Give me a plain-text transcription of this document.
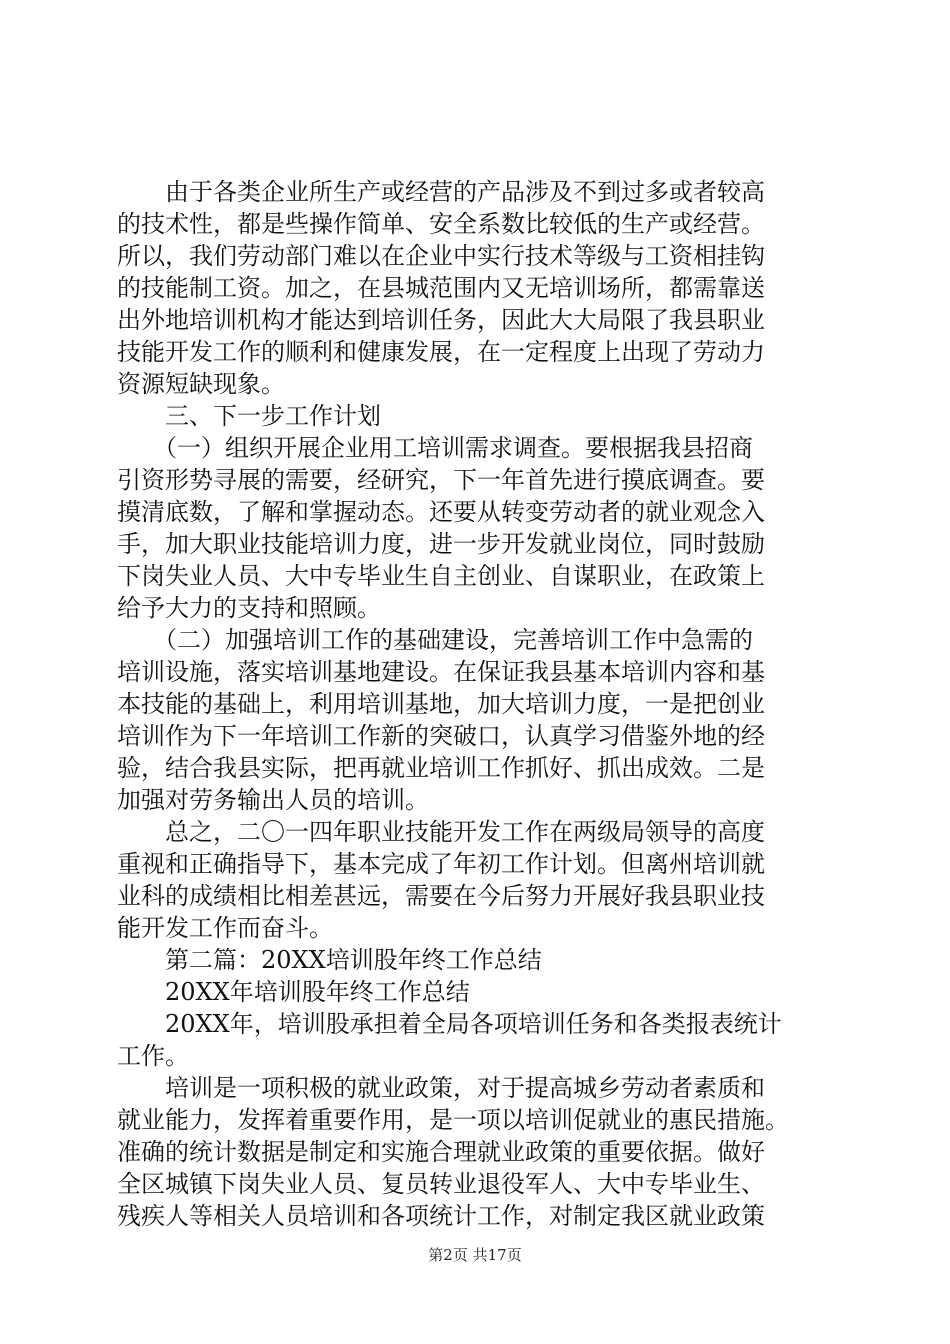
　　由于各类企业所生产或经营的产品涉及不到过多或者较高
的技术性，都是些操作简单、安全系数比较低的生产或经营。
所以，我们劳动部门难以在企业中实行技术等级与工资相挂钩
的技能制工资。加之，在县城范围内又无培训场所，都需靠送
出外地培训机构才能达到培训任务，因此大大局限了我县职业
技能开发工作的顺利和健康发展，在一定程度上出现了劳动力
资源短缺现象。
　　三、下一步工作计划
　　（一）组织开展企业用工培训需求调查。要根据我县招商
引资形势寻展的需要，经研究，下一年首先进行摸底调查。要
摸清底数，了解和掌握动态。还要从转变劳动者的就业观念入
手，加大职业技能培训力度，进一步开发就业岗位，同时鼓励
下岗失业人员、大中专毕业生自主创业、自谋职业，在政策上
给予大力的支持和照顾。
　　（二）加强培训工作的基础建设，完善培训工作中急需的
培训设施，落实培训基地建设。在保证我县基本培训内容和基
本技能的基础上，利用培训基地，加大培训力度，一是把创业
培训作为下一年培训工作新的突破口，认真学习借鉴外地的经
验，结合我县实际，把再就业培训工作抓好、抓出成效。二是
加强对劳务输出人员的培训。
　　总之，二〇一四年职业技能开发工作在两级局领导的高度
重视和正确指导下，基本完成了年初工作计划。但离州培训就
业科的成绩相比相差甚远，需要在今后努力开展好我县职业技
能开发工作而奋斗。
　　第二篇：20XX培训股年终工作总结
　　20XX年培训股年终工作总结
　　20XX年，培训股承担着全局各项培训任务和各类报表统计
工作。
　　培训是一项积极的就业政策，对于提高城乡劳动者素质和
就业能力，发挥着重要作用，是一项以培训促就业的惠民措施。
准确的统计数据是制定和实施合理就业政策的重要依据。做好
全区城镇下岗失业人员、复员转业退役军人、大中专毕业生、
残疾人等相关人员培训和各项统计工作，对制定我区就业政策
第2页 共17页
